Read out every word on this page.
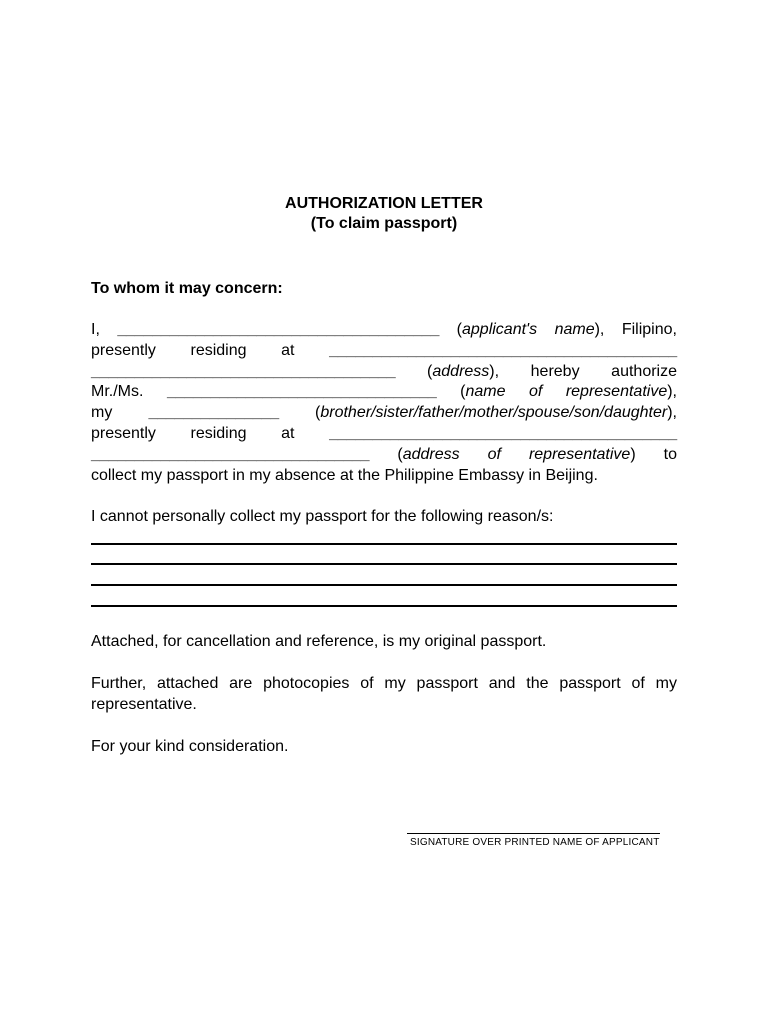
AUTHORIZATION LETTER
(To claim passport)
To whom it may concern:
I, _____________________________________ (applicant's name), Filipino,
presently residing at ________________________________________
___________________________________ (address), hereby authorize
Mr./Ms. _______________________________ (name of representative),
my _______________ (brother/sister/father/mother/spouse/son/daughter),
presently residing at ________________________________________
________________________________ (address of representative) to
collect my passport in my absence at the Philippine Embassy in Beijing.
I cannot personally collect my passport for the following reason/s:
Attached, for cancellation and reference, is my original passport.
Further, attached are photocopies of my passport and the passport of my
representative.
For your kind consideration.
SIGNATURE OVER PRINTED NAME OF APPLICANT
